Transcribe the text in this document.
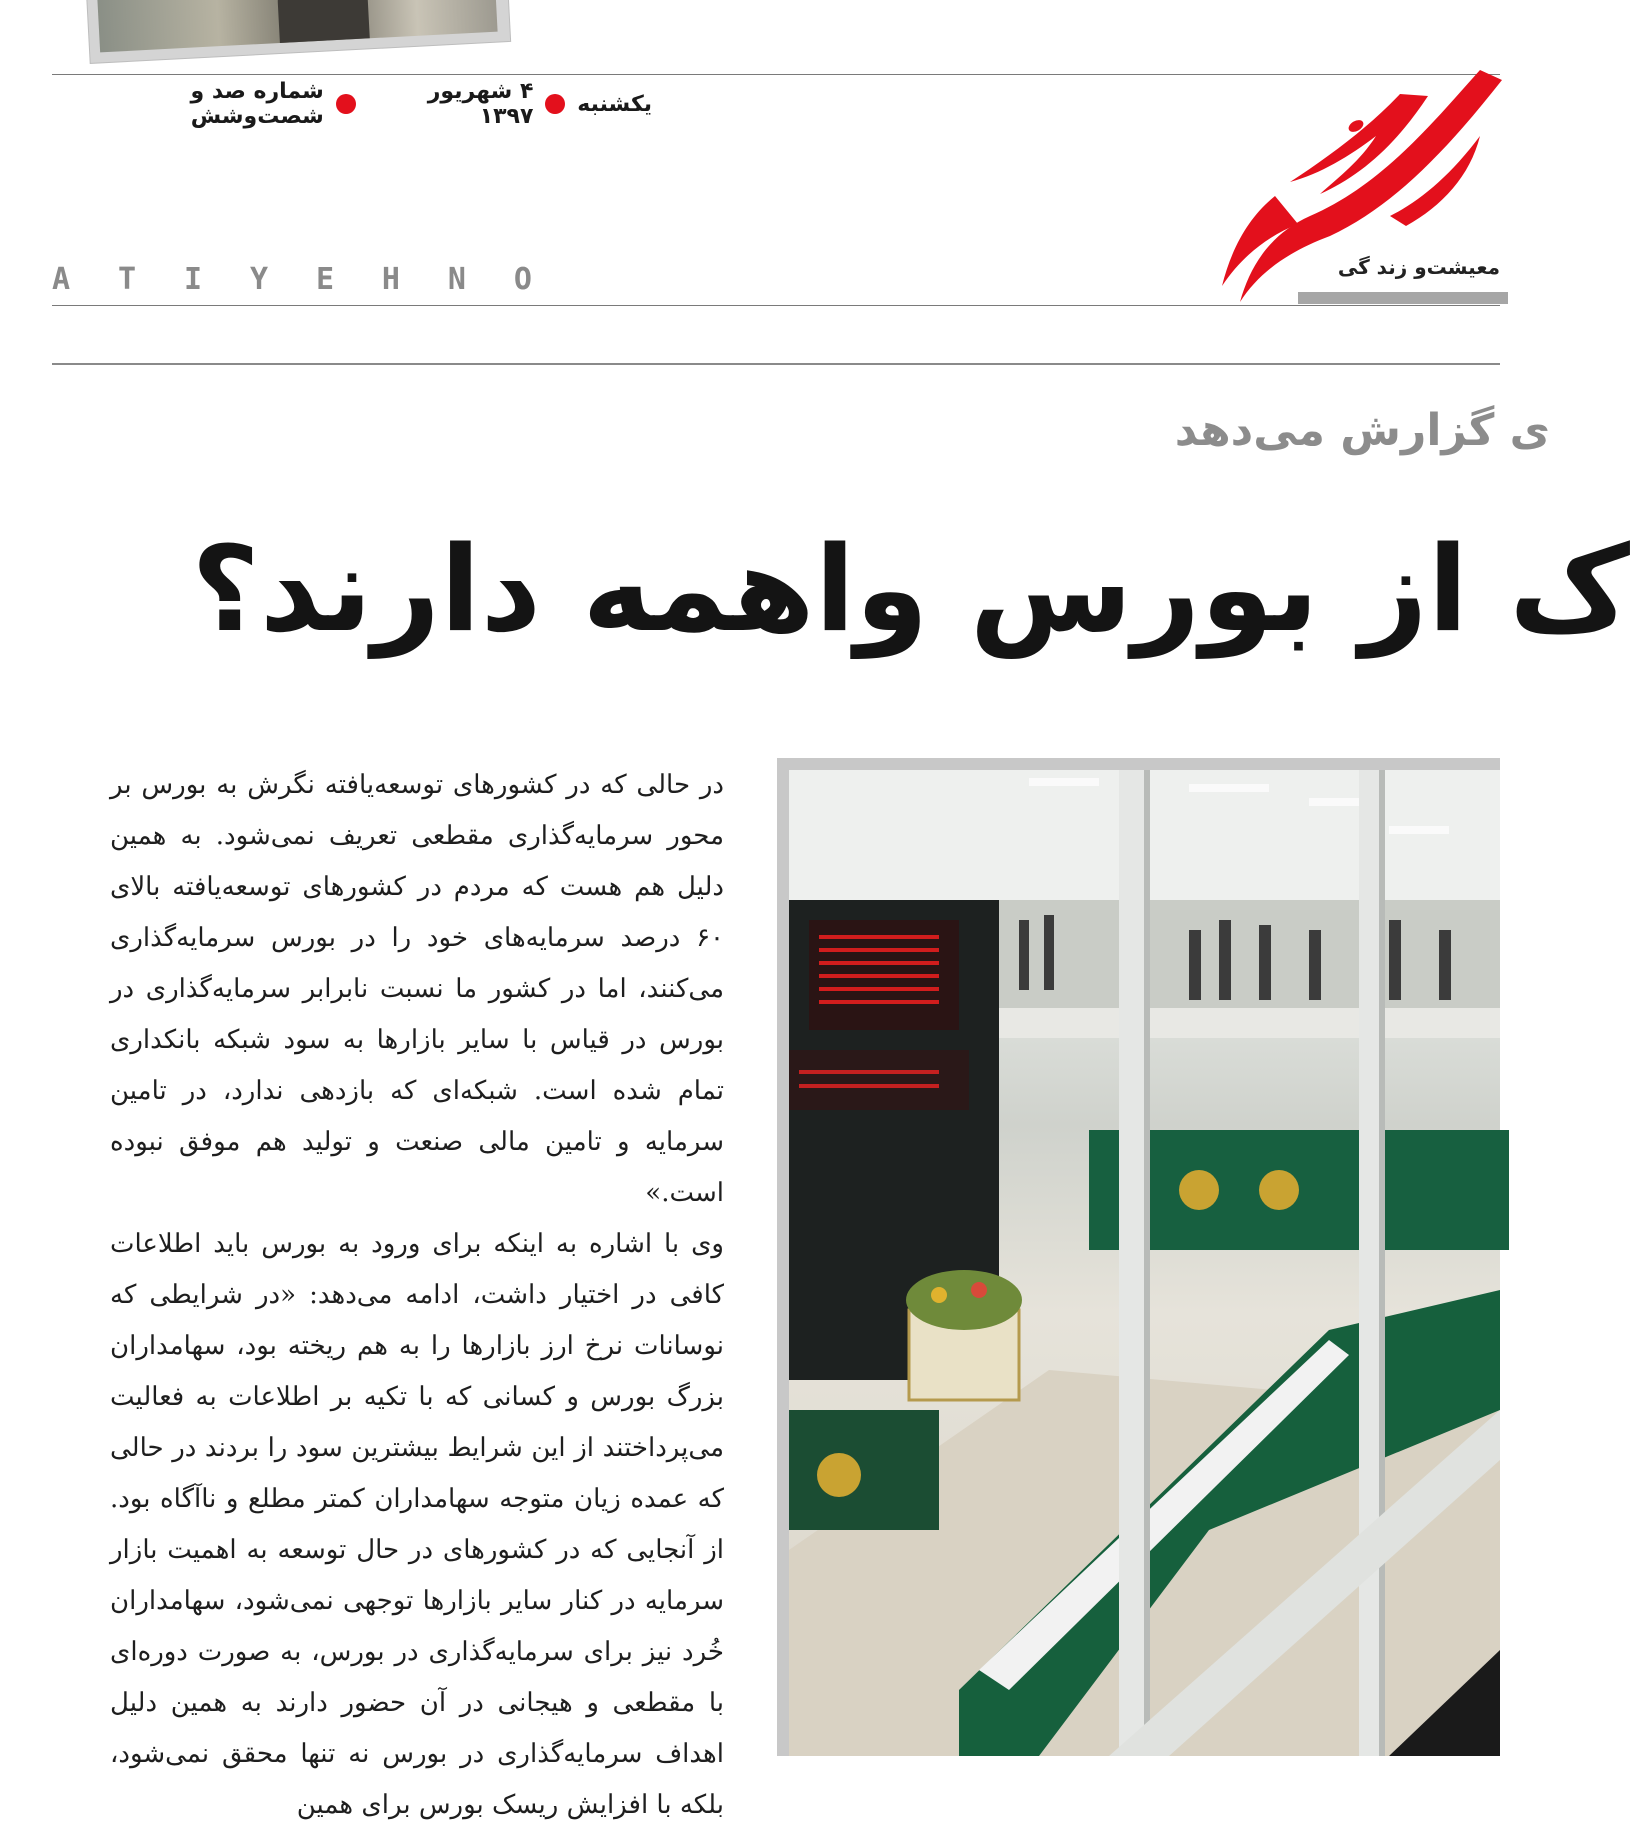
یکشنبه
۴ شهریور ۱۳۹۷
شماره صد و شصت‌وشش
معیشت‌و زند گی
A T I Y E H N O
ی گزارش می‌دهد
ک از بورس واهمه دارند؟

در حالی که در کشورهای توسعه‌یافته نگرش به بورس بر محور سرمایه‌گذاری مقطعی تعریف نمی‌شود. به همین دلیل هم هست که مردم در کشورهای توسعه‌یافته بالای ۶۰ درصد سرمایه‌های خود را در بورس سرمایه‌گذاری می‌کنند، اما در کشور ما نسبت نابرابر سرمایه‌گذاری در بورس در قیاس با سایر بازارها به سود شبکه بانکداری تمام شده است. شبکه‌ای که بازدهی ندارد، در تامین سرمایه و تامین مالی صنعت و تولید هم موفق نبوده است.»

وی با اشاره به اینکه برای ورود به بورس باید اطلاعات کافی در اختیار داشت، ادامه می‌دهد: «در شرایطی که نوسانات نرخ ارز بازارها را به هم ریخته بود، سهامداران بزرگ بورس و کسانی که با تکیه بر اطلاعات به فعالیت می‌پرداختند از این شرایط بیشترین سود را بردند در حالی که عمده زیان متوجه سهامداران کمتر مطلع و ناآگاه بود. از آنجایی که در کشورهای در حال توسعه به اهمیت بازار سرمایه در کنار سایر بازارها توجهی نمی‌شود، سهامداران خُرد نیز برای سرمایه‌گذاری در بورس، به صورت دوره‌ای با مقطعی و هیجانی در آن حضور دارند به همین دلیل اهداف سرمایه‌گذاری در بورس نه تنها محقق نمی‌شود، بلکه با افزایش ریسک بورس برای همین
